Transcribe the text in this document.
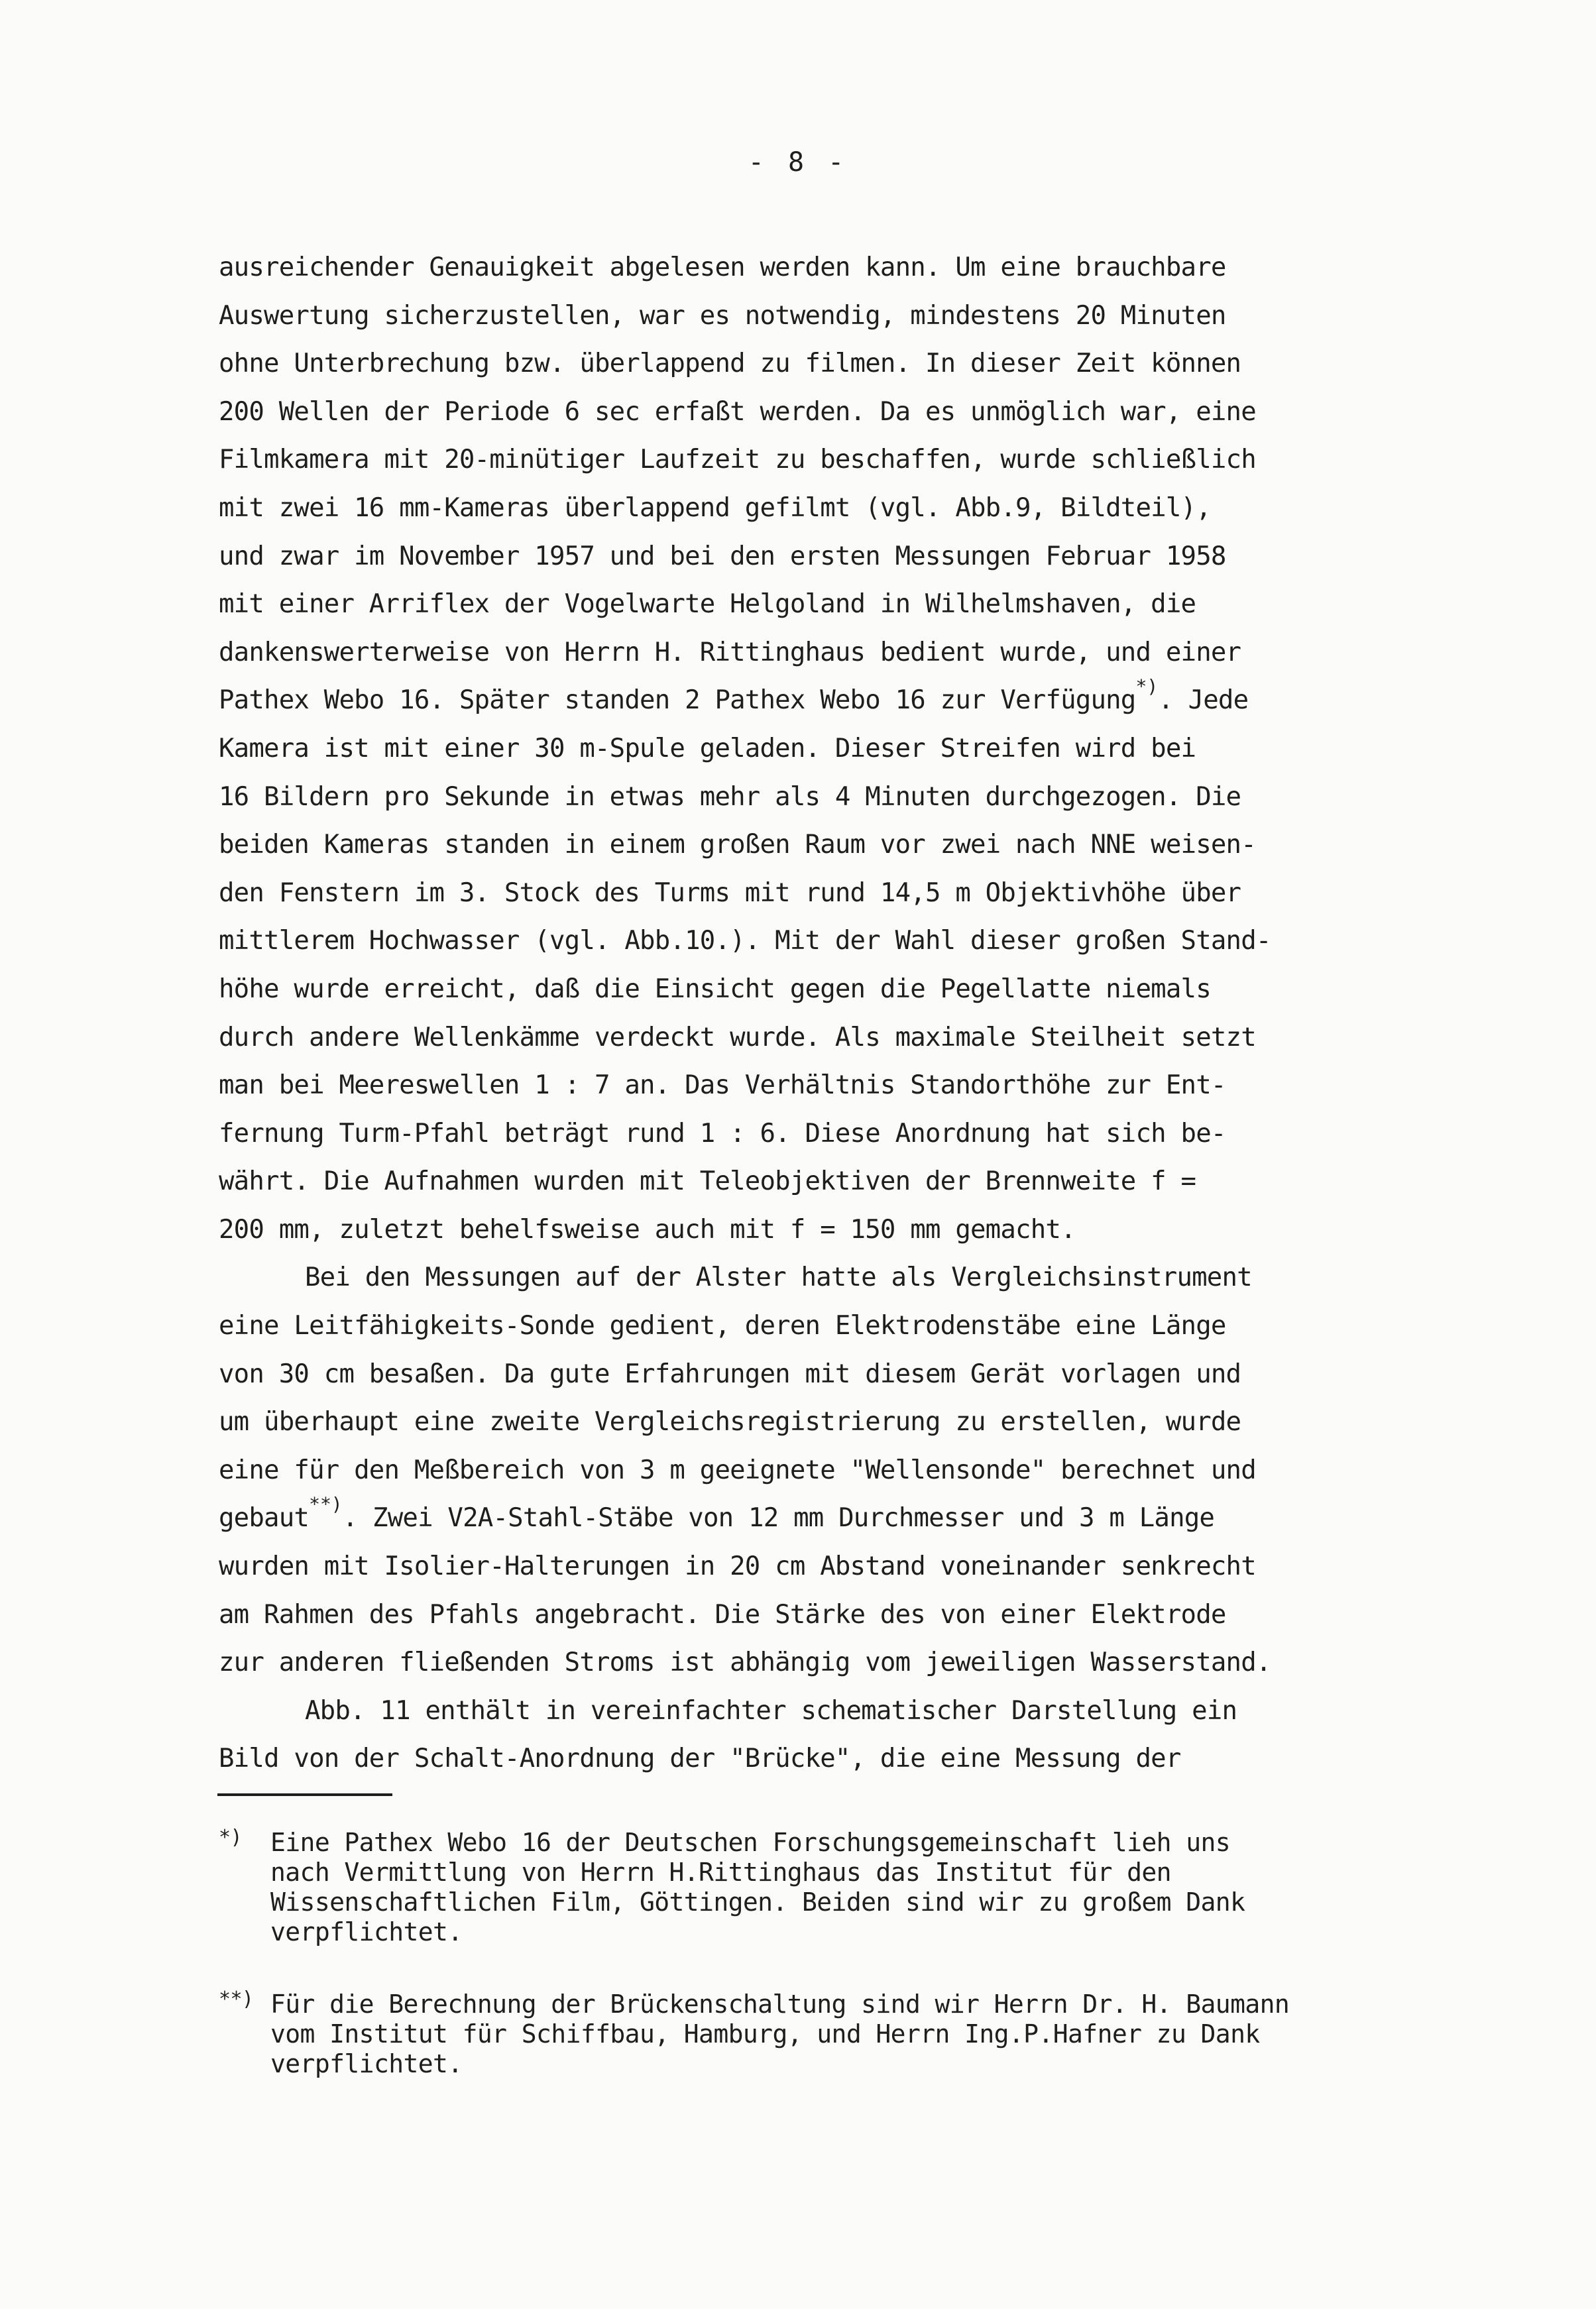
- 8 -
ausreichender Genauigkeit abgelesen werden kann. Um eine brauchbare
Auswertung sicherzustellen, war es notwendig, mindestens 20 Minuten
ohne Unterbrechung bzw. überlappend zu filmen. In dieser Zeit können
200 Wellen der Periode 6 sec erfaßt werden. Da es unmöglich war, eine
Filmkamera mit 20-minütiger Laufzeit zu beschaffen, wurde schließlich
mit zwei 16 mm-Kameras überlappend gefilmt (vgl. Abb.9, Bildteil),
und zwar im November 1957 und bei den ersten Messungen Februar 1958
mit einer Arriflex der Vogelwarte Helgoland in Wilhelmshaven, die
dankenswerterweise von Herrn H. Rittinghaus bedient wurde, und einer
Pathex Webo 16. Später standen 2 Pathex Webo 16 zur Verfügung*). Jede
Kamera ist mit einer 30 m-Spule geladen. Dieser Streifen wird bei
16 Bildern pro Sekunde in etwas mehr als 4 Minuten durchgezogen. Die
beiden Kameras standen in einem großen Raum vor zwei nach NNE weisen-
den Fenstern im 3. Stock des Turms mit rund 14,5 m Objektivhöhe über
mittlerem Hochwasser (vgl. Abb.10.). Mit der Wahl dieser großen Stand-
höhe wurde erreicht, daß die Einsicht gegen die Pegellatte niemals
durch andere Wellenkämme verdeckt wurde. Als maximale Steilheit setzt
man bei Meereswellen 1 : 7 an. Das Verhältnis Standorthöhe zur Ent-
fernung Turm-Pfahl beträgt rund 1 : 6. Diese Anordnung hat sich be-
währt. Die Aufnahmen wurden mit Teleobjektiven der Brennweite f =
200 mm, zuletzt behelfsweise auch mit f = 150 mm gemacht.
Bei den Messungen auf der Alster hatte als Vergleichsinstrument
eine Leitfähigkeits-Sonde gedient, deren Elektrodenstäbe eine Länge
von 30 cm besaßen. Da gute Erfahrungen mit diesem Gerät vorlagen und
um überhaupt eine zweite Vergleichsregistrierung zu erstellen, wurde
eine für den Meßbereich von 3 m geeignete "Wellensonde" berechnet und
gebaut**). Zwei V2A-Stahl-Stäbe von 12 mm Durchmesser und 3 m Länge
wurden mit Isolier-Halterungen in 20 cm Abstand voneinander senkrecht
am Rahmen des Pfahls angebracht. Die Stärke des von einer Elektrode
zur anderen fließenden Stroms ist abhängig vom jeweiligen Wasserstand.
Abb. 11 enthält in vereinfachter schematischer Darstellung ein
Bild von der Schalt-Anordnung der "Brücke", die eine Messung der
*)	Eine Pathex Webo 16 der Deutschen Forschungsgemeinschaft lieh uns
nach Vermittlung von Herrn H.Rittinghaus das Institut für den
Wissenschaftlichen Film, Göttingen. Beiden sind wir zu großem Dank
verpflichtet.
**) Für die Berechnung der Brückenschaltung sind wir Herrn Dr. H. Baumann
vom Institut für Schiffbau, Hamburg, und Herrn Ing.P.Hafner zu Dank
verpflichtet.
